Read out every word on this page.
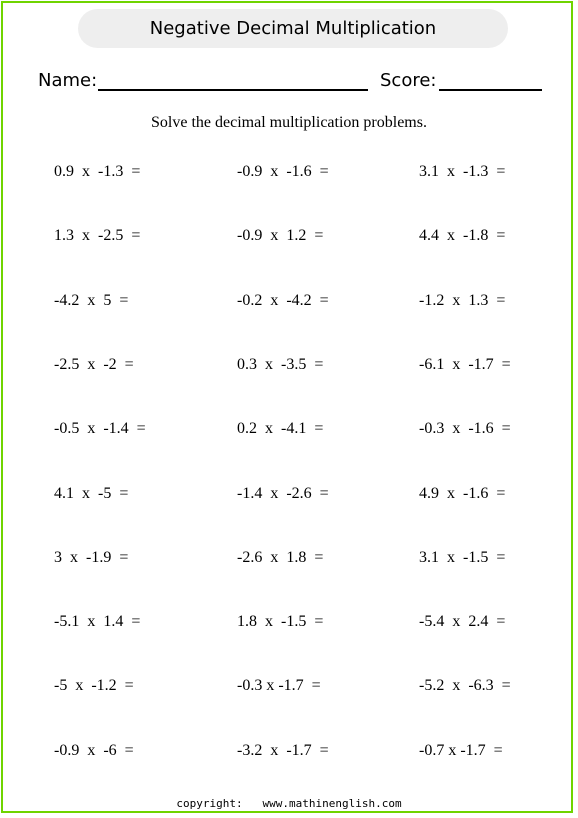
Negative Decimal Multiplication
Name:	Score:
Solve the decimal multiplication problems.
0.9  x  -1.3  =	-0.9  x  -1.6  =	3.1  x  -1.3  =
1.3  x  -2.5  =	-0.9  x  1.2  =	4.4  x  -1.8  =
-4.2  x  5  =	-0.2  x  -4.2  =	-1.2  x  1.3  =
-2.5  x  -2  =	0.3  x  -3.5  =	-6.1  x  -1.7  =
-0.5  x  -1.4  =	0.2  x  -4.1  =	-0.3  x  -1.6  =
4.1  x  -5  =	-1.4  x  -2.6  =	4.9  x  -1.6  =
3  x  -1.9  =	-2.6  x  1.8  =	3.1  x  -1.5  =
-5.1  x  1.4  =	1.8  x  -1.5  =	-5.4  x  2.4  =
-5  x  -1.2  =	-0.3 x -1.7  =	-5.2  x  -6.3  =
-0.9  x  -6  =	-3.2  x  -1.7  =	-0.7 x -1.7  =
copyright:   www.mathinenglish.com
